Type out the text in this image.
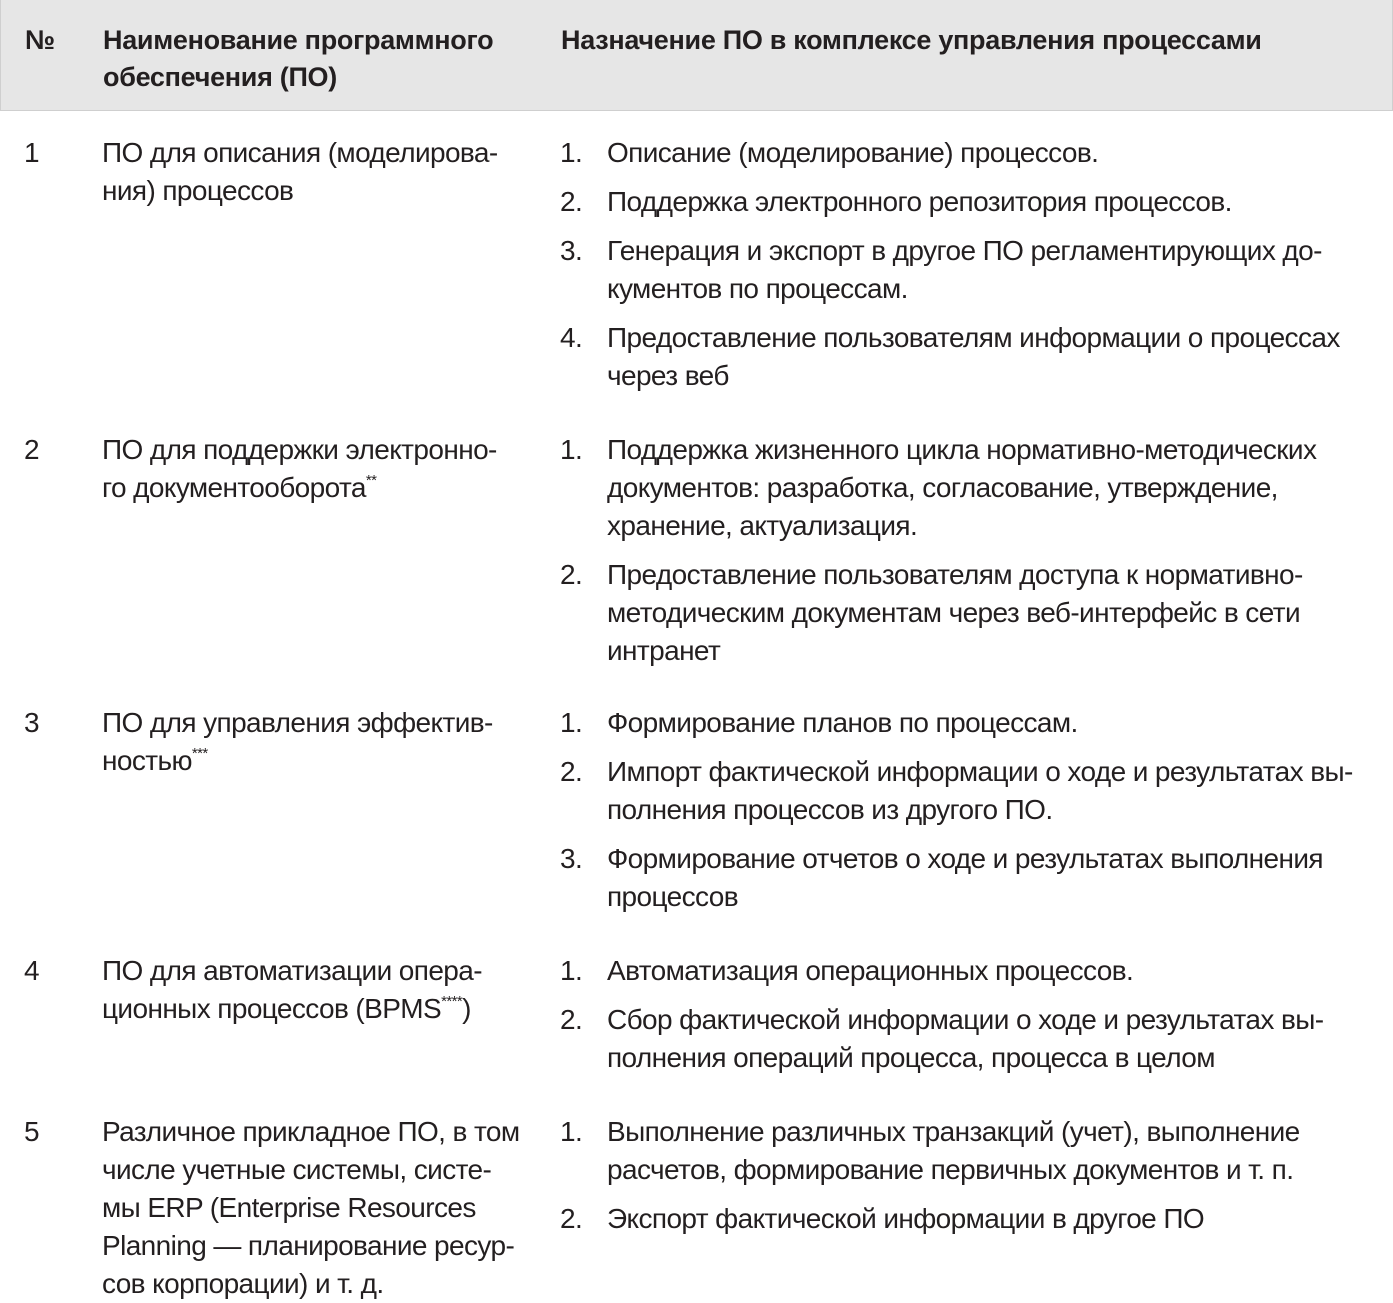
№ Наименование программного
обеспечения (ПО)
Назначение ПО в комплексе управления процессами
1 ПО для описания (моделирова-
ния) процессов
1. Описание (моделирование) процессов.
2. Поддержка электронного репозитория процессов.
3. Генерация и экспорт в другое ПО регламентирующих до-
кументов по процессам.
4. Предоставление пользователям информации о процессах
через веб
2 ПО для поддержки электронно-
го документооборота**
1. Поддержка жизненного цикла нормативно-методических
документов: разработка, согласование, утверждение,
хранение, актуализация.
2. Предоставление пользователям доступа к нормативно-
методическим документам через веб-интерфейс в сети
интранет
3 ПО для управления эффектив-
ностью***
1. Формирование планов по процессам.
2. Импорт фактической информации о ходе и результатах вы-
полнения процессов из другого ПО.
3. Формирование отчетов о ходе и результатах выполнения
процессов
4 ПО для автоматизации опера-
ционных процессов (BPMS****)
1. Автоматизация операционных процессов.
2. Сбор фактической информации о ходе и результатах вы-
полнения операций процесса, процесса в целом
5 Различное прикладное ПО, в том
числе учетные системы, систе-
мы ERP (Enterprise Resources
Planning — планирование ресур-
сов корпорации) и т. д.
1. Выполнение различных транзакций (учет), выполнение
расчетов, формирование первичных документов и т. п.
2. Экспорт фактической информации в другое ПО
